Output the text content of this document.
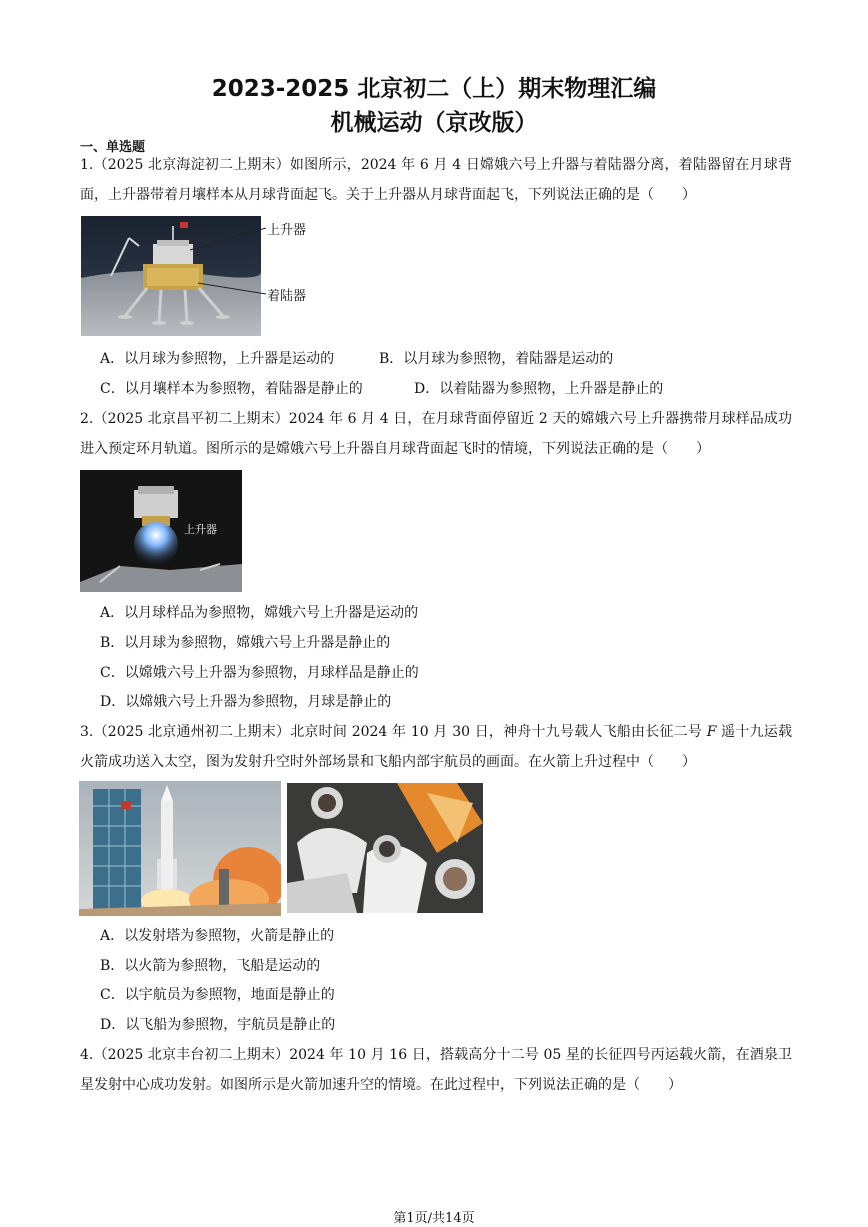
2023-2025 北京初二（上）期末物理汇编
机械运动（京改版）
一、单选题
1.（2025 北京海淀初二上期末）如图所示，2024 年 6 月 4 日嫦娥六号上升器与着陆器分离，着陆器留在月球背面，上升器带着月壤样本从月球背面起飞。关于上升器从月球背面起飞，下列说法正确的是（　　）
上升器
着陆器
A．以月球为参照物，上升器是运动的	B．以月球为参照物，着陆器是运动的
C．以月壤样本为参照物，着陆器是静止的	D．以着陆器为参照物，上升器是静止的
2.（2025 北京昌平初二上期末）2024 年 6 月 4 日，在月球背面停留近 2 天的嫦娥六号上升器携带月球样品成功进入预定环月轨道。图所示的是嫦娥六号上升器自月球背面起飞时的情境，下列说法正确的是（　　）
上升器
A．以月球样品为参照物，嫦娥六号上升器是运动的
B．以月球为参照物，嫦娥六号上升器是静止的
C．以嫦娥六号上升器为参照物，月球样品是静止的
D．以嫦娥六号上升器为参照物，月球是静止的
3.（2025 北京通州初二上期末）北京时间 2024 年 10 月 30 日，神舟十九号载人飞船由长征二号 F 遥十九运载火箭成功送入太空，图为发射升空时外部场景和飞船内部宇航员的画面。在火箭上升过程中（　　）
A．以发射塔为参照物，火箭是静止的
B．以火箭为参照物，飞船是运动的
C．以宇航员为参照物，地面是静止的
D．以飞船为参照物，宇航员是静止的
4.（2025 北京丰台初二上期末）2024 年 10 月 16 日，搭载高分十二号 05 星的长征四号丙运载火箭，在酒泉卫星发射中心成功发射。如图所示是火箭加速升空的情境。在此过程中，下列说法正确的是（　　）
第1页/共14页
